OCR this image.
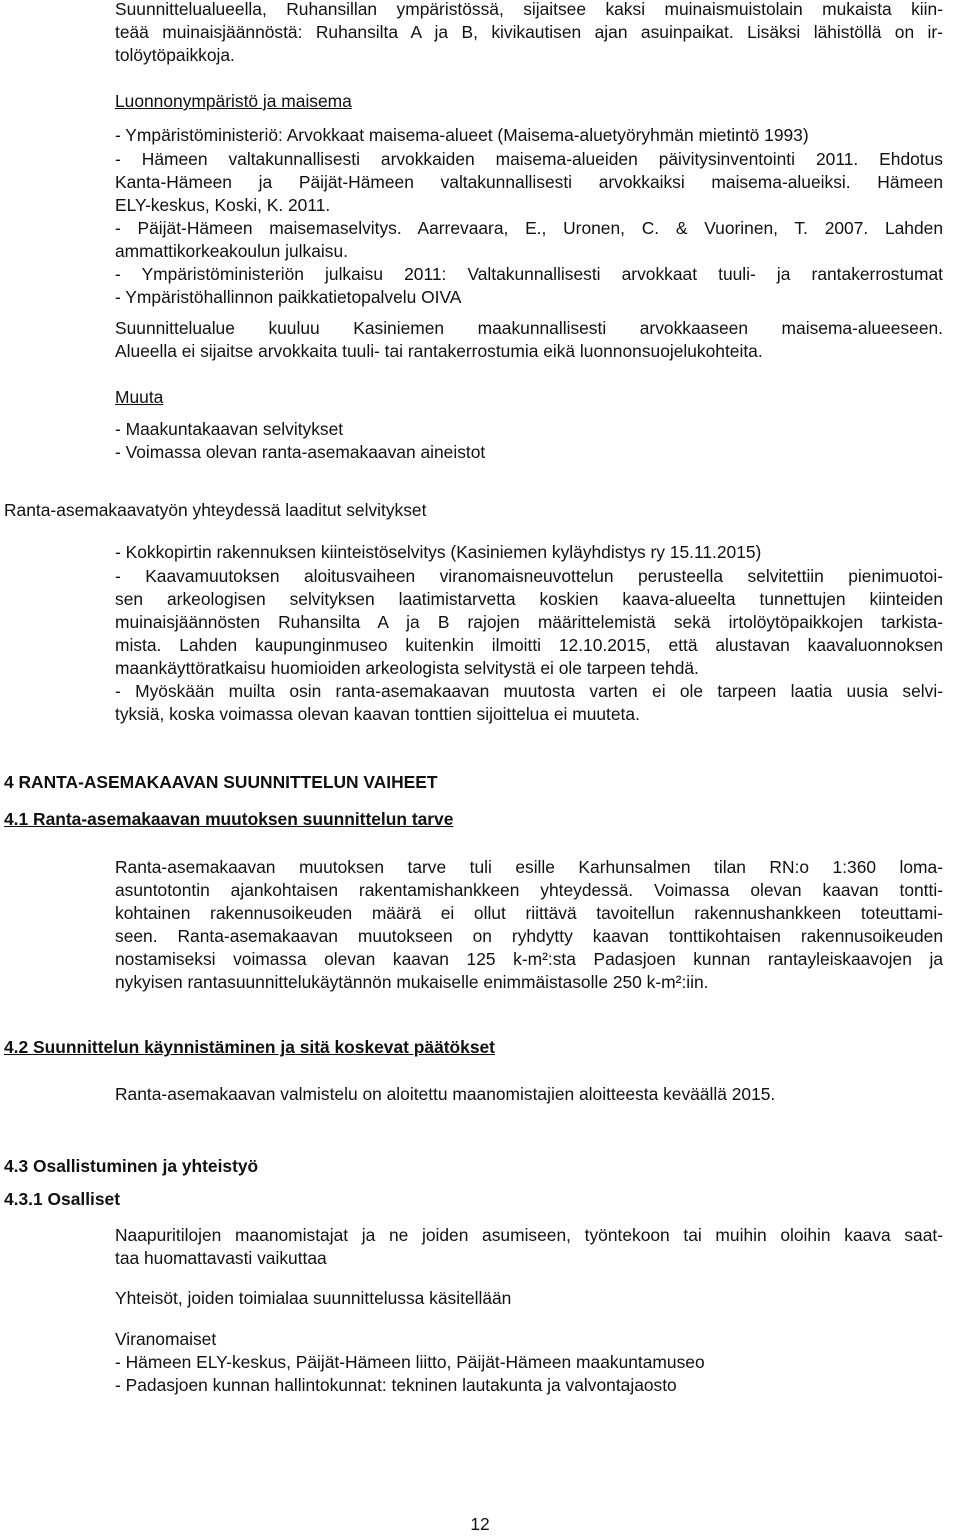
Suunnittelualueella, Ruhansillan ympäristössä, sijaitsee kaksi muinaismuistolain mukaista kiin-

teää muinaisjäännöstä: Ruhansilta A ja B, kivikautisen ajan asuinpaikat. Lisäksi lähistöllä on ir-

tolöytöpaikkoja.

Luonnonympäristö ja maisema

- Ympäristöministeriö: Arvokkaat maisema-alueet (Maisema-aluetyöryhmän mietintö 1993)

- Hämeen valtakunnallisesti arvokkaiden maisema-alueiden päivitysinventointi 2011. Ehdotus

Kanta-Hämeen ja Päijät-Hämeen valtakunnallisesti arvokkaiksi maisema-alueiksi. Hämeen

ELY-keskus, Koski, K. 2011.

- Päijät-Hämeen maisemaselvitys. Aarrevaara, E., Uronen, C. & Vuorinen, T. 2007. Lahden

ammattikorkeakoulun julkaisu.

- Ympäristöministeriön julkaisu 2011: Valtakunnallisesti arvokkaat tuuli- ja rantakerrostumat

- Ympäristöhallinnon paikkatietopalvelu OIVA

Suunnittelualue kuuluu Kasiniemen maakunnallisesti arvokkaaseen maisema-alueeseen.

Alueella ei sijaitse arvokkaita tuuli- tai rantakerrostumia eikä luonnonsuojelukohteita.

Muuta

- Maakuntakaavan selvitykset

- Voimassa olevan ranta-asemakaavan aineistot

Ranta-asemakaavatyön yhteydessä laaditut selvitykset

- Kokkopirtin rakennuksen kiinteistöselvitys (Kasiniemen kyläyhdistys ry 15.11.2015)

- Kaavamuutoksen aloitusvaiheen viranomaisneuvottelun perusteella selvitettiin pienimuotoi-

sen arkeologisen selvityksen laatimistarvetta koskien kaava-alueelta tunnettujen kiinteiden

muinaisjäännösten Ruhansilta A ja B rajojen määrittelemistä sekä irtolöytöpaikkojen tarkista-

mista. Lahden kaupunginmuseo kuitenkin ilmoitti 12.10.2015, että alustavan kaavaluonnoksen

maankäyttöratkaisu huomioiden arkeologista selvitystä ei ole tarpeen tehdä.

- Myöskään muilta osin ranta-asemakaavan muutosta varten ei ole tarpeen laatia uusia selvi-

tyksiä, koska voimassa olevan kaavan tonttien sijoittelua ei muuteta.

4 RANTA-ASEMAKAAVAN SUUNNITTELUN VAIHEET

4.1 Ranta-asemakaavan muutoksen suunnittelun tarve

Ranta-asemakaavan muutoksen tarve tuli esille Karhunsalmen tilan RN:o 1:360 loma-

asuntotontin ajankohtaisen rakentamishankkeen yhteydessä. Voimassa olevan kaavan tontti-

kohtainen rakennusoikeuden määrä ei ollut riittävä tavoitellun rakennushankkeen toteuttami-

seen. Ranta-asemakaavan muutokseen on ryhdytty kaavan tonttikohtaisen rakennusoikeuden

nostamiseksi voimassa olevan kaavan 125 k-m²:sta Padasjoen kunnan rantayleiskaavojen ja

nykyisen rantasuunnittelukäytännön mukaiselle enimmäistasolle 250 k-m²:iin.

4.2 Suunnittelun käynnistäminen ja sitä koskevat päätökset

Ranta-asemakaavan valmistelu on aloitettu maanomistajien aloitteesta keväällä 2015.

4.3 Osallistuminen ja yhteistyö

4.3.1 Osalliset

Naapuritilojen maanomistajat ja ne joiden asumiseen, työntekoon tai muihin oloihin kaava saat-

taa huomattavasti vaikuttaa

Yhteisöt, joiden toimialaa suunnittelussa käsitellään

Viranomaiset

- Hämeen ELY-keskus, Päijät-Hämeen liitto, Päijät-Hämeen maakuntamuseo

- Padasjoen kunnan hallintokunnat: tekninen lautakunta ja valvontajaosto

12
